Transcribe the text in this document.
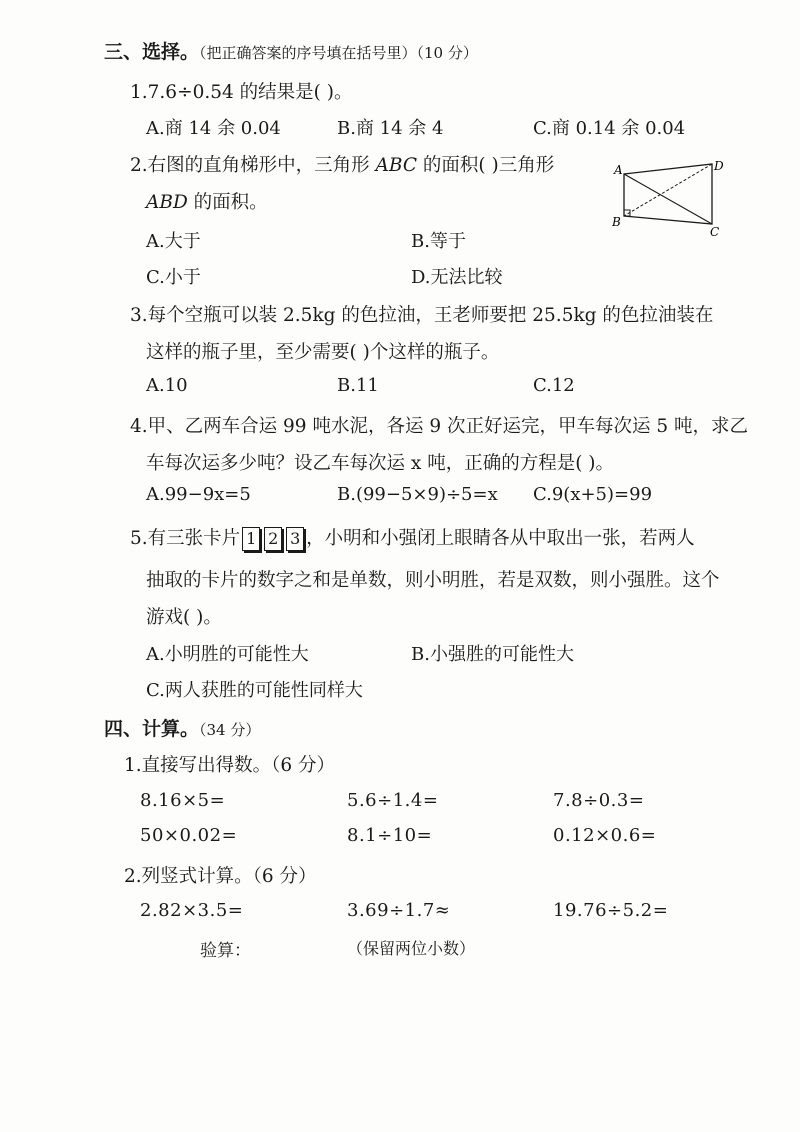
三、选择。（把正确答案的序号填在括号里）（10 分）
1.7.6÷0.54 的结果是( )。
A.商 14 余 0.04	B.商 14 余 4	C.商 0.14 余 0.04
2.右图的直角梯形中，三角形 ABC 的面积( )三角形
ABD 的面积。
A.大于	B.等于
C.小于	D.无法比较
A	D
B
C
3.每个空瓶可以装 2.5kg 的色拉油，王老师要把 25.5kg 的色拉油装在
这样的瓶子里，至少需要( )个这样的瓶子。
A.10	B.11	C.12
4.甲、乙两车合运 99 吨水泥，各运 9 次正好运完，甲车每次运 5 吨，求乙
车每次运多少吨？设乙车每次运 x 吨，正确的方程是( )。
A.99−9x=5	B.(99−5×9)÷5=x C.9(x+5)=99
5.有三张卡片 1 2 3 ，小明和小强闭上眼睛各从中取出一张，若两人
抽取的卡片的数字之和是单数，则小明胜，若是双数，则小强胜。这个
游戏( )。
A.小明胜的可能性大	B.小强胜的可能性大
C.两人获胜的可能性同样大
四、计算。（34 分）
1.直接写出得数。（6 分）
8.16×5=	5.6÷1.4=	7.8÷0.3=
50×0.02=	8.1÷10=	0.12×0.6=
2.列竖式计算。（6 分）
2.82×3.5=	3.69÷1.7≈	19.76÷5.2=
验算：	（保留两位小数）
